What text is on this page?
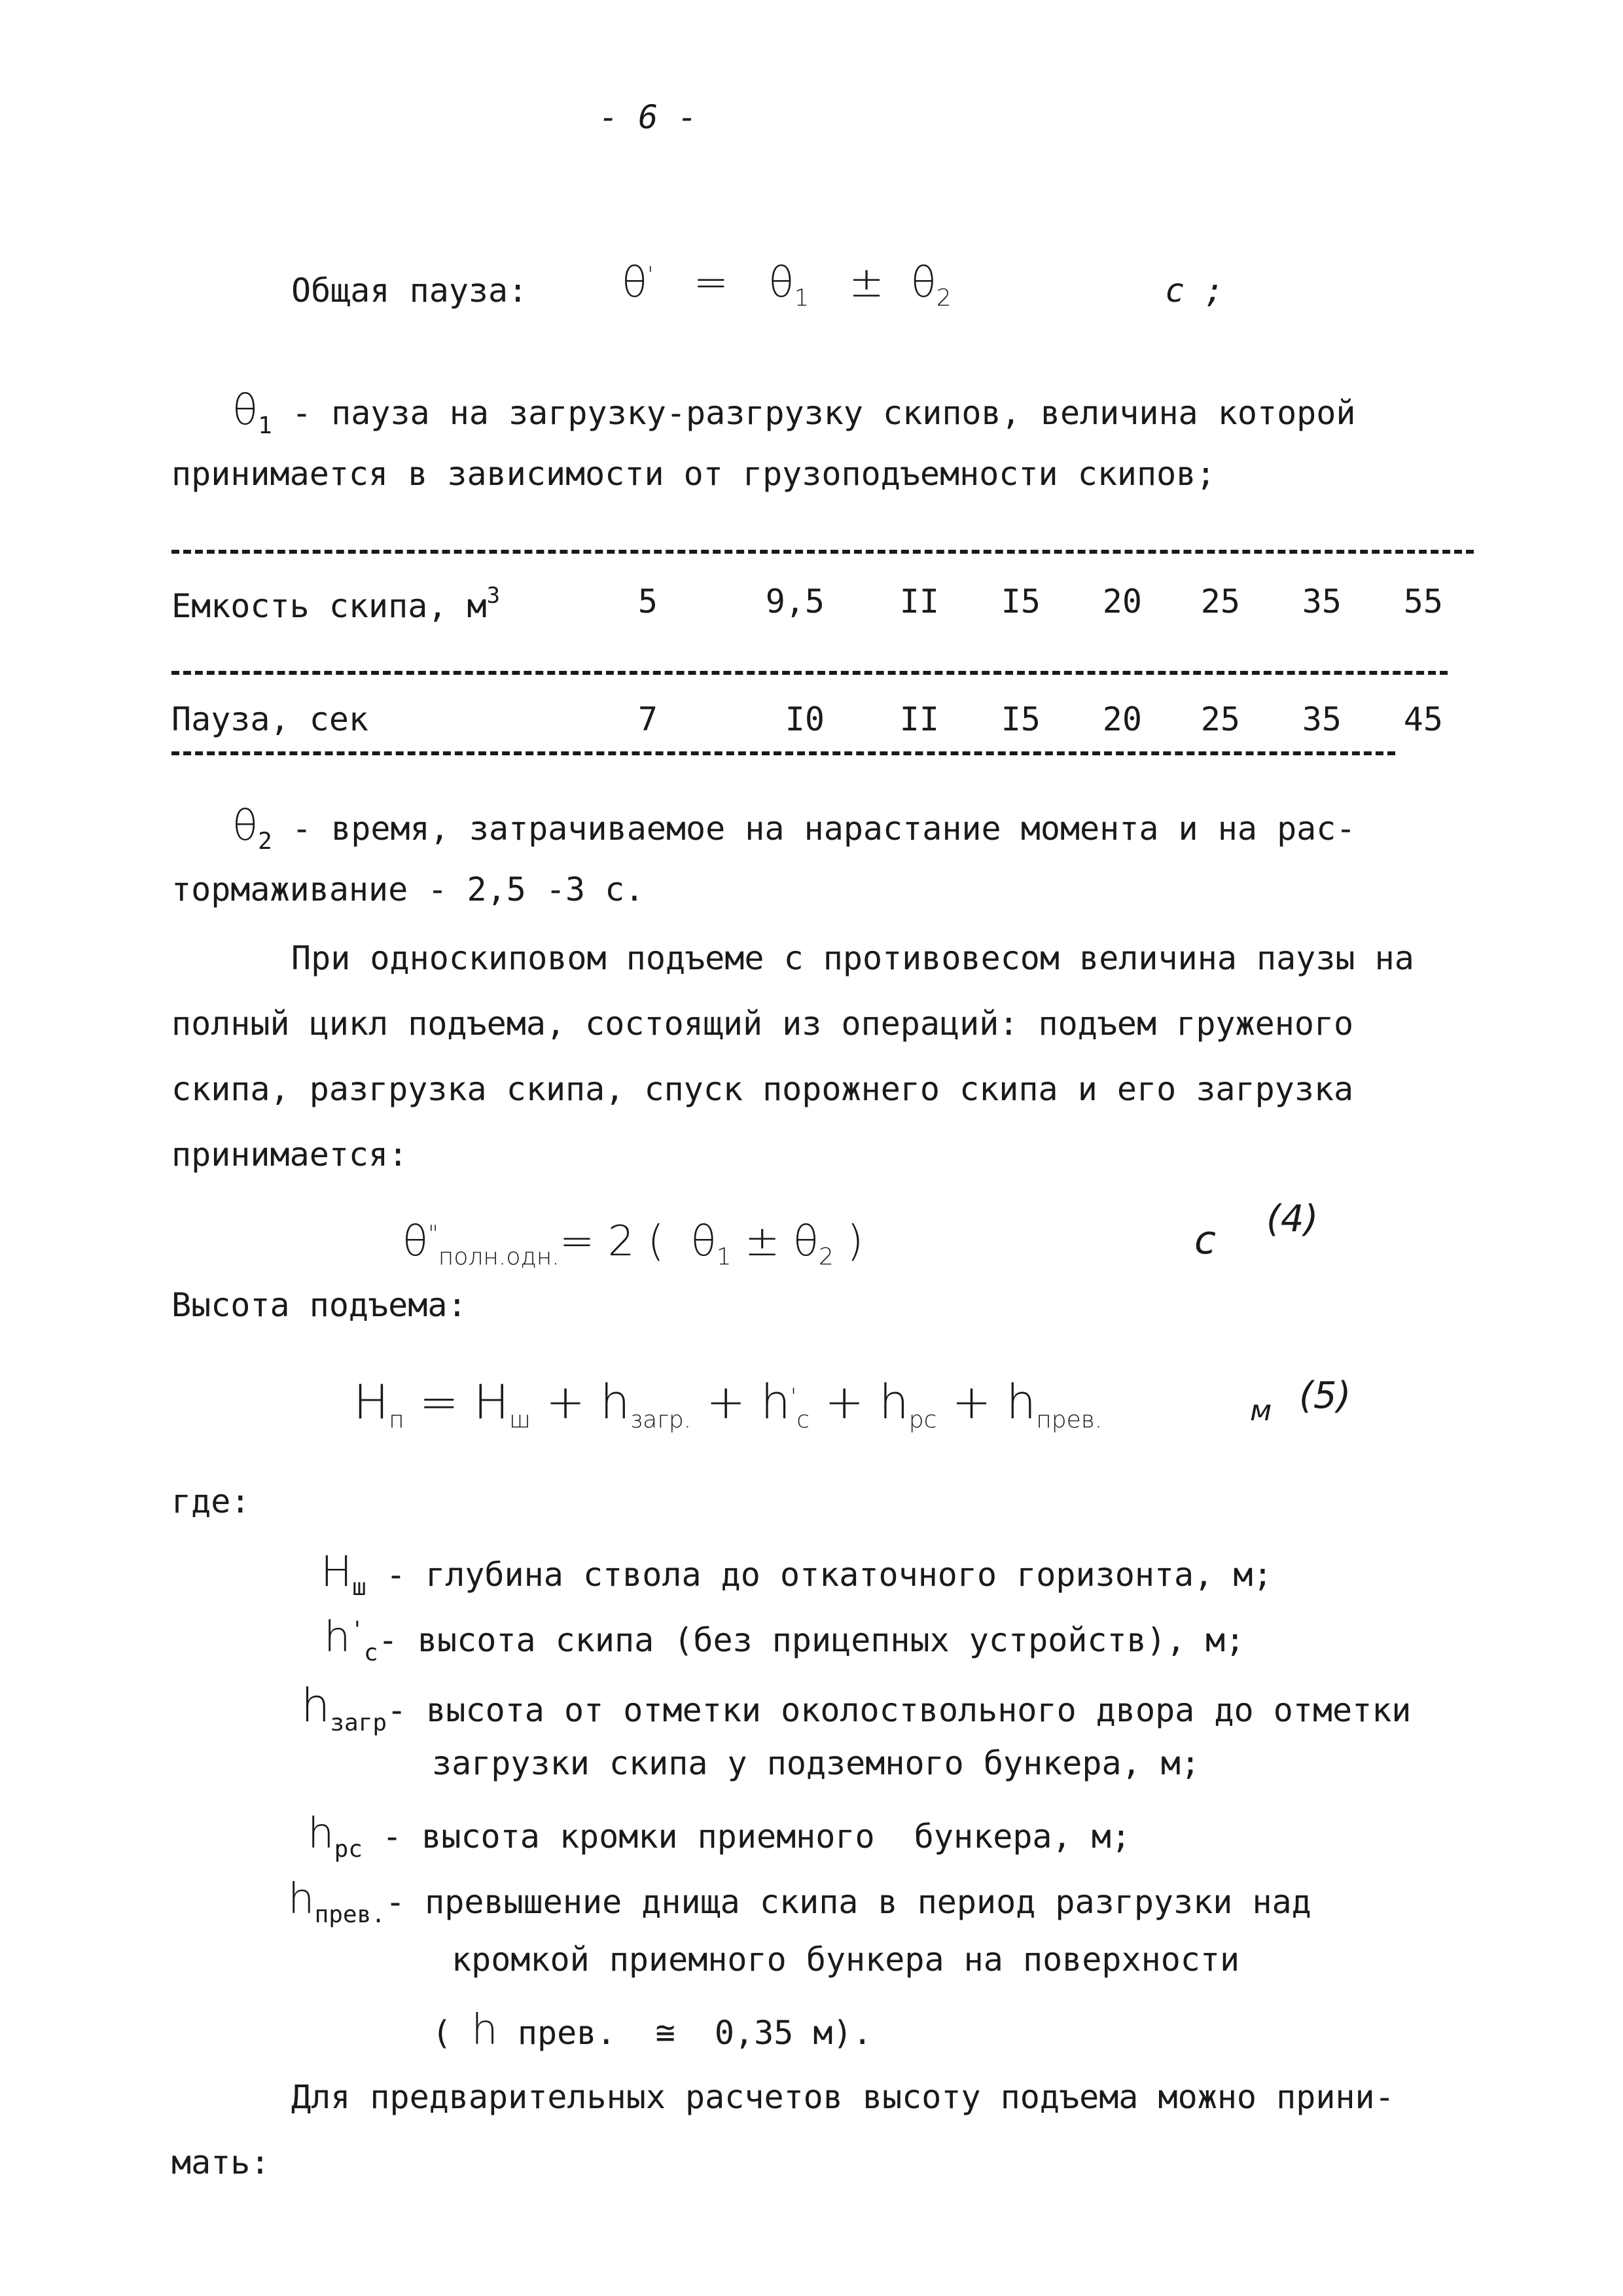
- 6 -
Общая пауза: $\theta' = \theta_1 \pm \theta_2$	с ;
$\theta_1$ - пауза на загрузку-разгрузку скипов, величина которой
принимается в зависимости от грузоподъемности скипов;
Емкость скипа, $м^3$	5	9,5	II	I5	20	25	35	55
Пауза, сек	7	I0	II	I5	20	25	35	45
$\theta_2$ - время, затрачиваемое на нарастание момента и на рас-
тормаживание - 2,5 -3 с.
При односкиповом подъеме с противовесом величина паузы на
полный цикл подъема, состоящий из операций: подъем груженого
скипа, разгрузка скипа, спуск порожнего скипа и его загрузка
принимается:
$\theta^"_{полн.одн.}= 2$ (  $\theta_1 \pm \theta_2$ )	с (4)
Высота подъема:
$H_п = H_ш + h_{загр.} + h'_с + h_{рс} + h_{прев.}$	м (5)
где:
$H_ш$ - глубина ствола до откаточного горизонта, м;
$h'_с-$ высота скипа (без прицепных устройств), м;
$h_{загр}-$ высота от отметки околоствольного двора до отметки
загрузки скипа у подземного бункера, м;
$h_{рс}$ - высота кромки приемного  бункера, м;
$h_{прев.}-$ превышение днища скипа в период разгрузки над
кромкой приемного бункера на поверхности
( h прев.  ≅  0,35 м).
Для предварительных расчетов высоту подъема можно прини-
мать:
